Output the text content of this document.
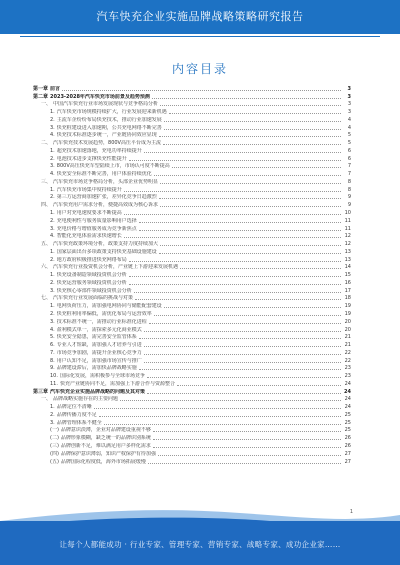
汽车快充企业实施品牌战略策略研究报告
内容目录
第一章 前言	3
第二章 2023-2028年汽车快充市场前景及趋势预测	3
一、 中国汽车快充行业市场发展现状与竞争格局分析	3
1. 汽车快充市场规模持续扩大，行业发展迎来新机遇	3
2. 主流车企纷纷布局快充技术，推动行业加速发展	4
3. 快充桩建设进入加速期，公共充电网络不断完善	4
4. 快充技术标准逐步统一，产业链协同效应显现	5
二、 汽车快充技术发展趋势，800V高压平台成为主流	5
1. 超充技术加速落地，充电功率持续提升	6
2. 电池技术进步支撑快充性能提升	6
3. 800V高压快充车型陆续上市，市场认可度不断提高	7
4. 快充安全标准不断完善，用户体验持续优化	7
三、 汽车快充市场竞争格局分析，头部企业优势明显	8
1. 汽车快充市场集中度持续提升	8
2. 第三方运营商加速扩张，差异化竞争日趋激烈	9
四、 汽车快充用户需求分析，便捷高效成为核心诉求	9
1. 用户对充电速度要求不断提高	10
2. 充电便利性与服务质量影响用户选择	11
3. 充电价格与增值服务成为竞争新焦点	11
4. 智能化充电体验需求快速增长	12
五、 汽车快充政策环境分析，政策支持力度持续加大	12
1. 国家层面出台多项政策支持快充基础设施建设	13
2. 地方政府积极推进快充网络布局	13
六、 汽车快充行业投资机会分析，产业链上下游迎来发展机遇	14
1. 快充设备制造领域投资机会分析	15
2. 快充运营服务领域投资机会分析	16
3. 快充核心零部件领域投资机会分析	17
七、 汽车快充行业发展面临的挑战与对策	18
1. 电网负荷压力，需加强电网协同与储能配套建设	19
2. 快充桩利用率偏低，需优化布局与运营效率	19
3. 技术标准不统一，需推动行业标准化进程	20
4. 盈利模式单一，需探索多元化商业模式	20
5. 快充安全隐患，需完善安全监管体系	21
6. 专业人才短缺，需加强人才培养与引进	21
7. 市场竞争加剧，需提升企业核心竞争力	22
8. 用户认知不足，需加强市场宣传与推广	22
9. 品牌建设滞后，需加快品牌战略实施	23
10. 国际化发展，需积极参与全球市场竞争	23
11. 快充产业链协同不足，需加强上下游合作与资源整合	24
第三章 汽车快充企业实施品牌战略的问题及其对策	24
一、 品牌战略实施存在的主要问题	24
1. 品牌定位不清晰	24
2. 品牌传播力度不足	25
3. 品牌管理体系不健全	25
(一) 品牌意识淡薄，企业对品牌建设重视不够	25
(二) 品牌形象模糊，缺乏统一的品牌识别系统	26
(三) 品牌创新不足，难以满足用户多样化需求	26
(四) 品牌保护意识薄弱，知识产权保护有待加强	27
(五) 品牌国际化程度低，海外市场拓展缓慢	27
1
让每个人都能成功 · 行业专家、管理专家、营销专家、战略专家、成功企业家……
